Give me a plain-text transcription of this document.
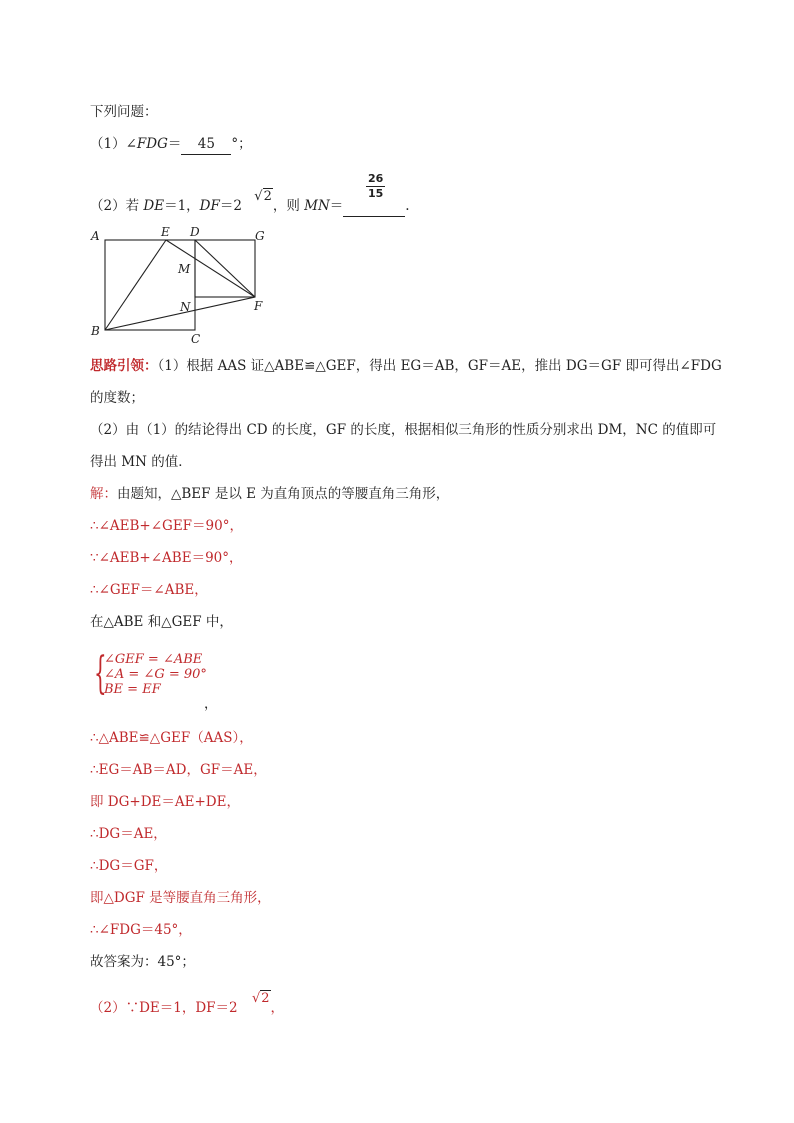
下列问题：
（1）∠FDG＝ 45 °；
（2）若 DE＝1，DF＝2 √2，则 MN＝	.
$\frac{26}{15}$
A	E D	G
M
N	F
B
C
思路引领：（1）根据 AAS 证△ABE≌△GEF，得出 EG＝AB，GF＝AE，推出 DG＝GF 即可得出∠FDG
的度数；
（2）由（1）的结论得出 CD 的长度，GF 的长度，根据相似三角形的性质分别求出 DM，NC 的值即可
得出 MN 的值．
解：由题知，△BEF 是以 E 为直角顶点的等腰直角三角形，
∴∠AEB+∠GEF＝90°，
∵∠AEB+∠ABE＝90°，
∴∠GEF＝∠ABE，
在△ABE 和△GEF 中，
{
∠GEF = ∠ABE
∠A = ∠G = 90°
BE = EF
，
∴△ABE≌△GEF（AAS），
∴EG＝AB＝AD，GF＝AE，
即 DG+DE＝AE+DE，
∴DG＝AE，
∴DG＝GF，
即△DGF 是等腰直角三角形，
∴∠FDG＝45°，
故答案为：45°；
（2）∵DE＝1，DF＝2 √2，
